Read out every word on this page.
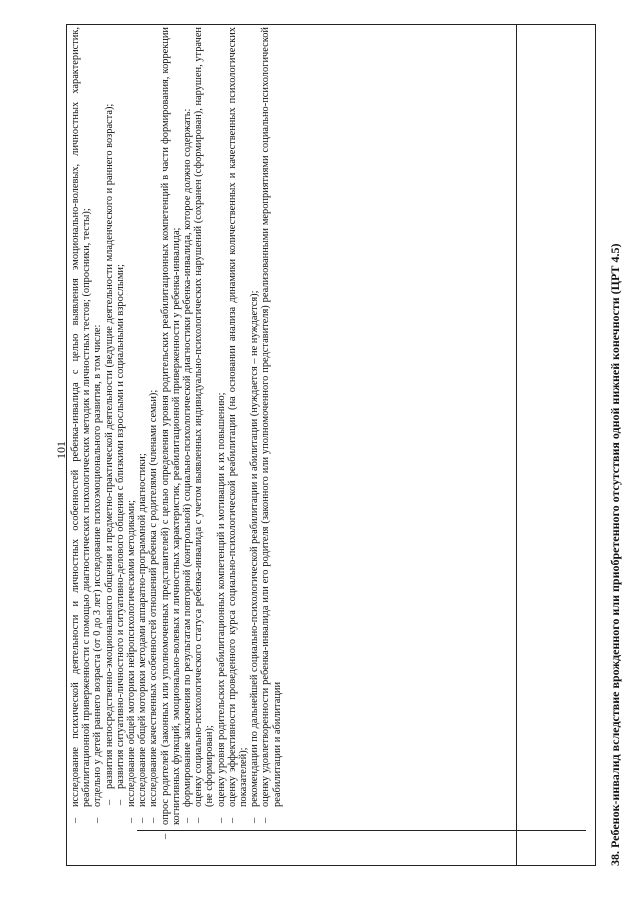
101

–
исследование психической деятельности и личностных особенностей ребенка-инвалида с целью выявления эмоционально-волевых, личностных характеристик, реабилитационной приверженности с помощью диагностических психологических методик и личностных тестов; (опросники, тесты);

–
отдельно у детей раннего возраста (от 0 до 3 лет) исследование психоэмоционального развития, в том числе: –
развития непосредственно-эмоционального общения и предметно-практической деятельности (ведущие деятельности младенческого и раннего возраста);

–
развития ситуативно-личностного и ситуативно-делового общения с близкими взрослыми и социальными взрослыми;

–
исследование общей моторики нейропсихологическими методиками;

–
исследование общей моторики методами аппаратно-программной диагностики;

–
исследование качественных особенностей отношений ребенка с родителями (членами семьи);

–
опрос родителей (законных или уполномоченных представителей) с целью определения уровня родительских реабилитационных компетенций в части формирования, коррекции когнитивных функций, эмоционально-волевых и личностных характеристик, реабилитационной приверженности у ребенка-инвалида; –
формирование заключения по результатам повторной (контрольной) социально-психологической диагностики ребенка-инвалида, которое должно содержать:

–
оценку социально-психологического статуса ребенка-инвалида с учетом выявленных индивидуально-психологических нарушений (сохранен (сформирован), нарушен, утрачен (не сформирован);

–
оценку уровня родительских реабилитационных компетенций и мотивации к их повышению;

–
оценку эффективности проведенного курса социально-психологической реабилитации (на основании анализа динамики количественных и качественных психологических показателей);

–
рекомендации по дальнейшей социально-психологической реабилитации и абилитации (нуждается – не нуждается);

–
оценку удовлетворенности ребенка-инвалида или его родителя (законного или уполномоченного представителя) реализованными мероприятиями социально-психологической реабилитации и абилитации	38. Ребенок-инвалид вследствие врожденного или приобретенного отсутствия одной нижней конечности (ЦРТ 4.5)
